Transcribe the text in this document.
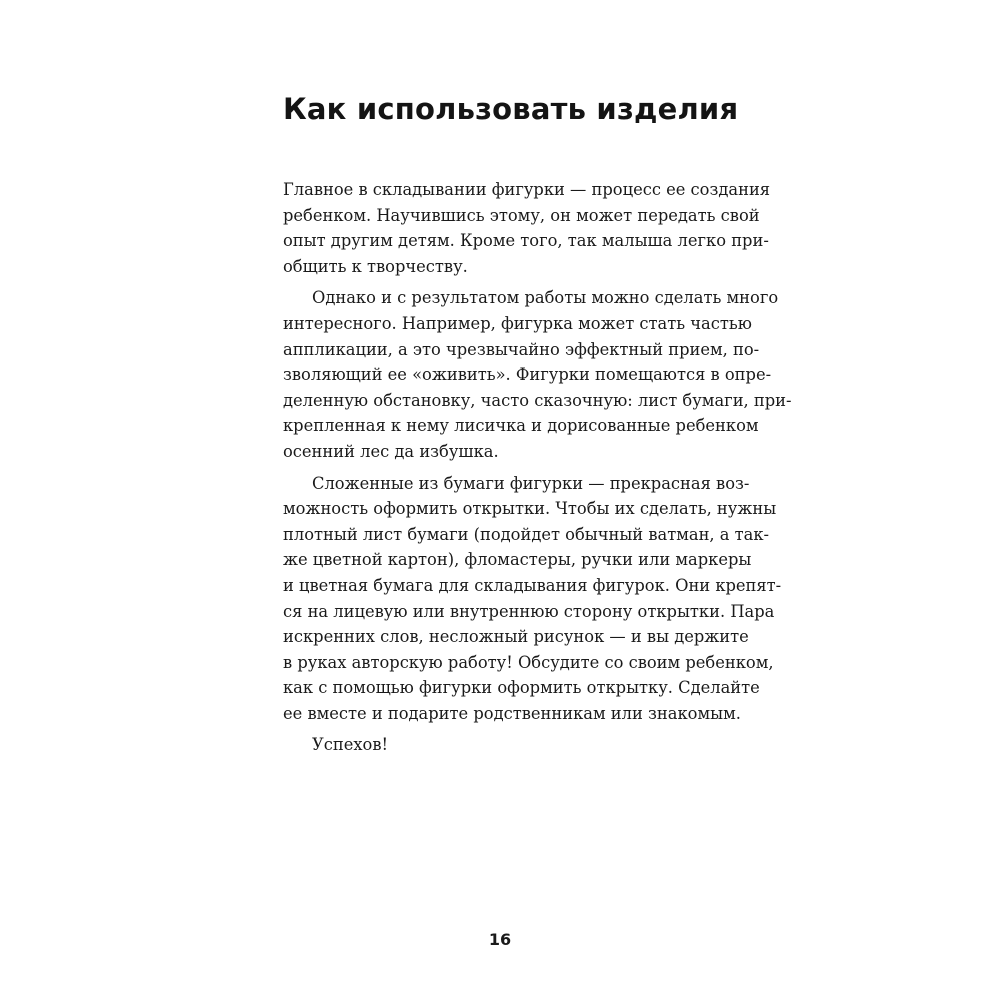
Как использовать изделия
Главное в складывании фигурки — процесс ее создания
ребенком. Научившись этому, он может передать свой
опыт другим детям. Кроме того, так малыша легко при-
общить к творчеству.
Однако и с результатом работы можно сделать много
интересного. Например, фигурка может стать частью
аппликации, а это чрезвычайно эффектный прием, по-
зволяющий ее «оживить». Фигурки помещаются в опре-
деленную обстановку, часто сказочную: лист бумаги, при-
крепленная к нему лисичка и дорисованные ребенком
осенний лес да избушка.
Сложенные из бумаги фигурки — прекрасная воз-
можность оформить открытки. Чтобы их сделать, нужны
плотный лист бумаги (подойдет обычный ватман, а так-
же цветной картон), фломастеры, ручки или маркеры
и цветная бумага для складывания фигурок. Они крепят-
ся на лицевую или внутреннюю сторону открытки. Пара
искренних слов, несложный рисунок — и вы держите
в руках авторскую работу! Обсудите со своим ребенком,
как с помощью фигурки оформить открытку. Сделайте
ее вместе и подарите родственникам или знакомым.
Успехов!
16
